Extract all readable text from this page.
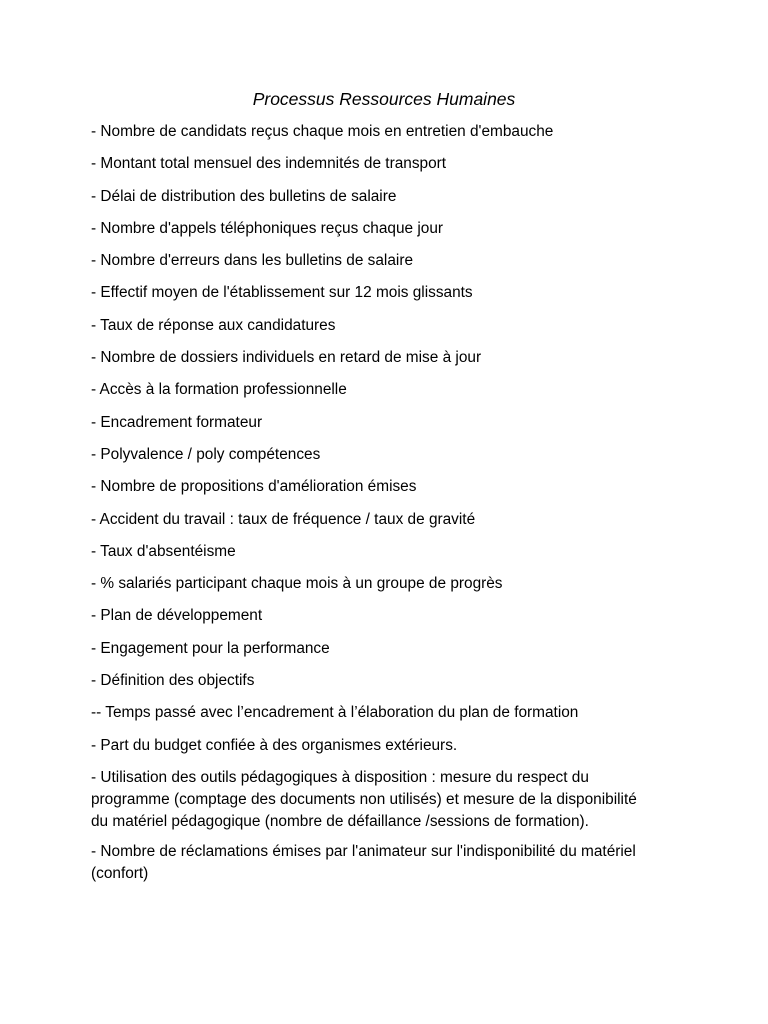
Processus Ressources Humaines
- Nombre de candidats reçus chaque mois en entretien d'embauche
- Montant total mensuel des indemnités de transport
- Délai de distribution des bulletins de salaire
- Nombre d'appels téléphoniques reçus chaque jour
- Nombre d'erreurs dans les bulletins de salaire
- Effectif moyen de l'établissement sur 12 mois glissants
- Taux de réponse aux candidatures
- Nombre de dossiers individuels en retard de mise à jour
- Accès à la formation professionnelle
- Encadrement formateur
- Polyvalence / poly compétences
- Nombre de propositions d'amélioration émises
- Accident du travail : taux de fréquence / taux de gravité
- Taux d'absentéisme
- % salariés participant chaque mois à un groupe de progrès
- Plan de développement
- Engagement pour la performance
- Définition des objectifs
-- Temps passé avec l’encadrement à l’élaboration du plan de formation
- Part du budget confiée à des organismes extérieurs.
- Utilisation des outils pédagogiques à disposition : mesure du respect du programme (comptage des documents non utilisés) et mesure de la disponibilité du matériel pédagogique (nombre de défaillance /sessions de formation).
- Nombre de réclamations émises par l'animateur sur l'indisponibilité du matériel (confort)
